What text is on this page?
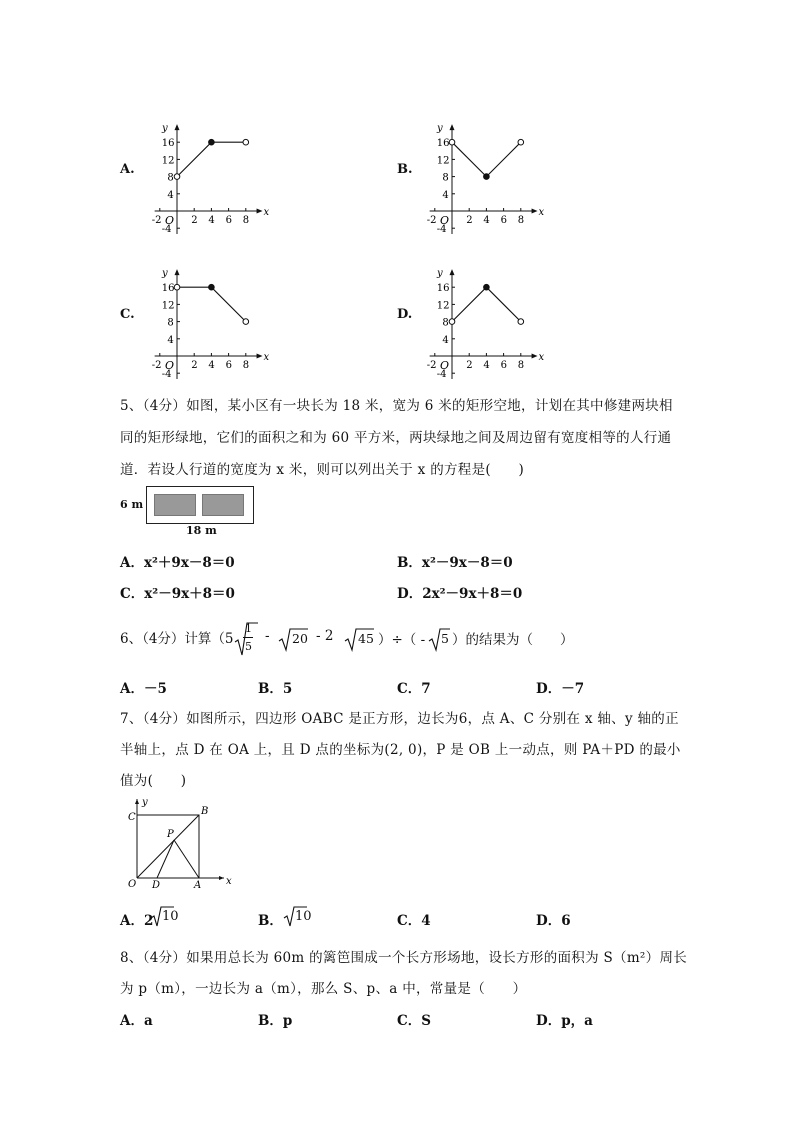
A.	B.
C.	D.
-2	2 4 6 8
16
12
8
4
-4
O
x
y
-2	2 4 6 8
16
12
8
4
-4
O
x
y
-2	2 4 6 8
16
12
8
4
-4
O
x
y
-2	2 4 6 8
16
12
8
4
-4
O
x
y
5、（4分）如图，某小区有一块长为 18 米，宽为 6 米的矩形空地，计划在其中修建两块相
同的矩形绿地，它们的面积之和为 60 平方米，两块绿地之间及周边留有宽度相等的人行通
道．若设人行道的宽度为 x 米，则可以列出关于 x 的方程是(　　)
6 m
18 m
A．x²＋9x－8＝0	B．x²－9x－8＝0
C．x²－9x＋8＝0	D．2x²－9x＋8＝0
6、（4分）计算（5
1
5
- 20 - 2 45 ）÷（ - 5 ）的结果为（　　）
A．－5	B．5	C．7	D．－7
7、（4分）如图所示，四边形 OABC 是正方形，边长为6，点 A、C 分别在 x 轴、y 轴的正
半轴上，点 D 在 OA 上，且 D 点的坐标为(2, 0)，P 是 OB 上一动点，则 PA＋PD 的最小
值为(　　)
y
x
C
B
P
O D	A
A．2 10	B． 10	C．4	D．6
8、（4分）如果用总长为 60m 的篱笆围成一个长方形场地，设长方形的面积为 S（m²）周长
为 p（m），一边长为 a（m），那么 S、p、a 中，常量是（　　）
A．a	B．p	C．S	D．p，a
